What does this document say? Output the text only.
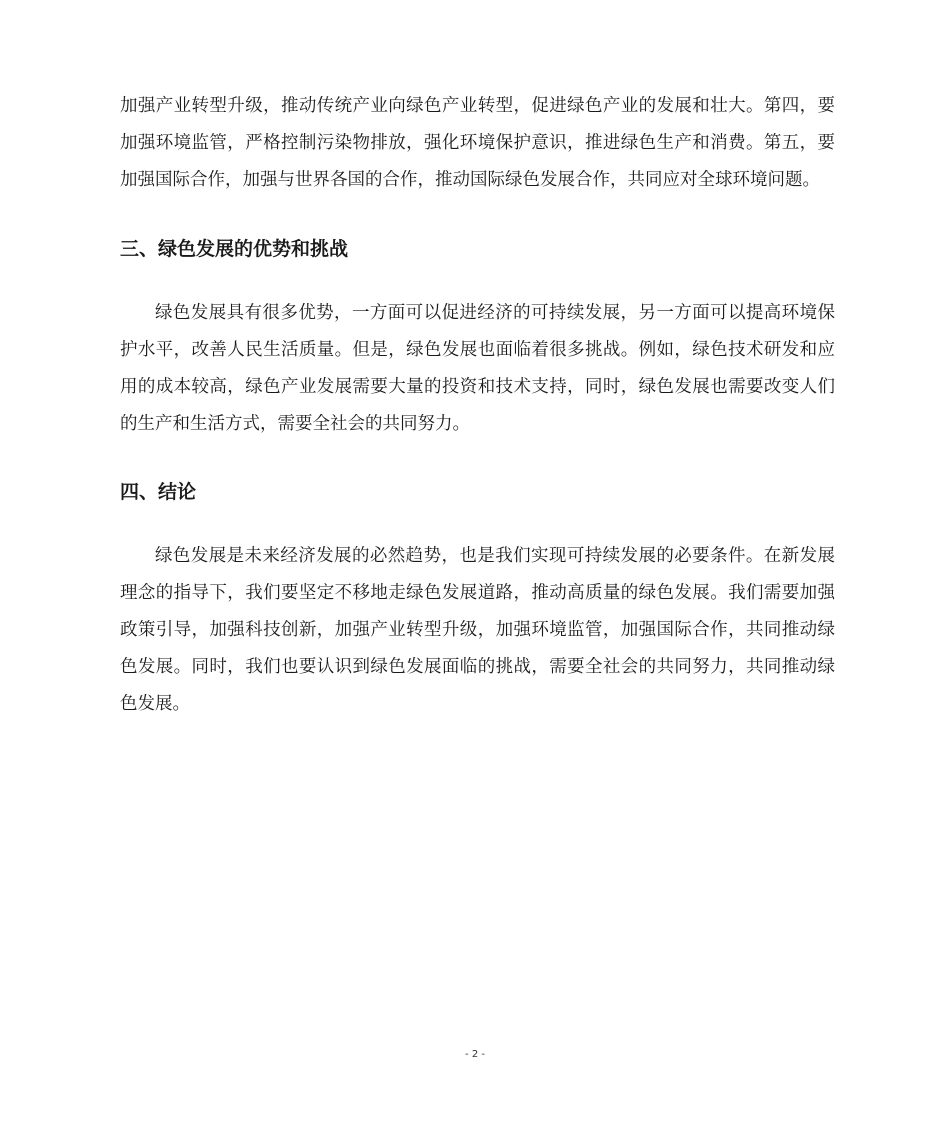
加强产业转型升级，推动传统产业向绿色产业转型，促进绿色产业的发展和壮大。第四，要加强环境监管，严格控制污染物排放，强化环境保护意识，推进绿色生产和消费。第五，要加强国际合作，加强与世界各国的合作，推动国际绿色发展合作，共同应对全球环境问题。

三、绿色发展的优势和挑战

绿色发展具有很多优势，一方面可以促进经济的可持续发展，另一方面可以提高环境保护水平，改善人民生活质量。但是，绿色发展也面临着很多挑战。例如，绿色技术研发和应用的成本较高，绿色产业发展需要大量的投资和技术支持，同时，绿色发展也需要改变人们的生产和生活方式，需要全社会的共同努力。

四、结论

绿色发展是未来经济发展的必然趋势，也是我们实现可持续发展的必要条件。在新发展理念的指导下，我们要坚定不移地走绿色发展道路，推动高质量的绿色发展。我们需要加强政策引导，加强科技创新，加强产业转型升级，加强环境监管，加强国际合作，共同推动绿色发展。同时，我们也要认识到绿色发展面临的挑战，需要全社会的共同努力，共同推动绿色发展。

- 2 -
